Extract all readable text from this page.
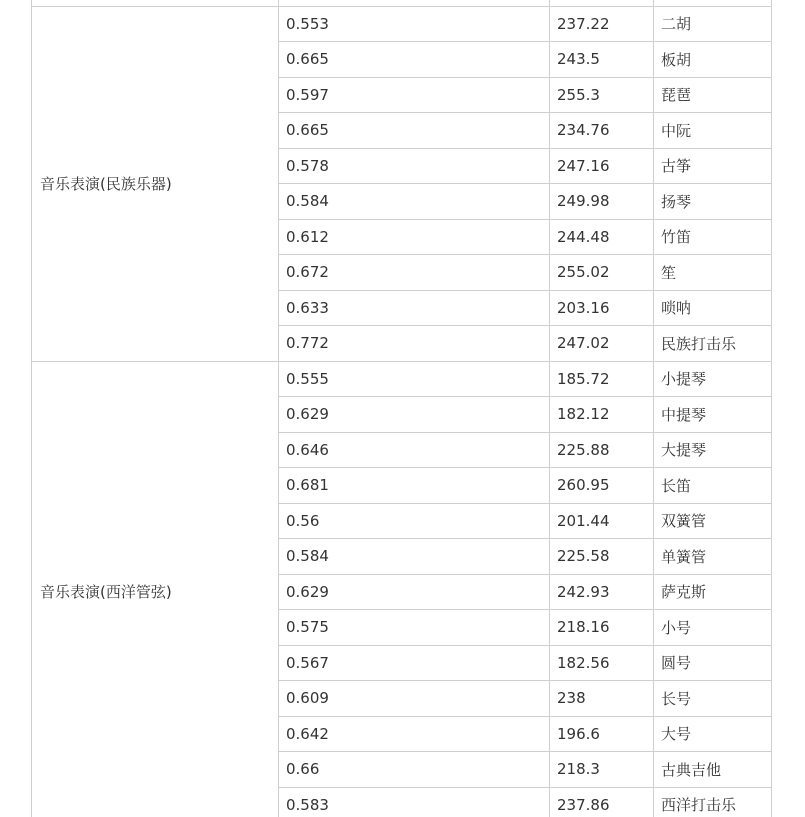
音乐表演(民族乐器)	0.553	237.22	二胡
	0.665	243.5	板胡
	0.597	255.3	琵琶
	0.665	234.76	中阮
	0.578	247.16	古筝
	0.584	249.98	扬琴
	0.612	244.48	竹笛
	0.672	255.02	笙
	0.633	203.16	唢呐
	0.772	247.02	民族打击乐
音乐表演(西洋管弦)	0.555	185.72	小提琴
	0.629	182.12	中提琴
	0.646	225.88	大提琴
	0.681	260.95	长笛
	0.56	201.44	双簧管
	0.584	225.58	单簧管
	0.629	242.93	萨克斯
	0.575	218.16	小号
	0.567	182.56	圆号
	0.609	238	长号
	0.642	196.6	大号
	0.66	218.3	古典吉他
	0.583	237.86	西洋打击乐
